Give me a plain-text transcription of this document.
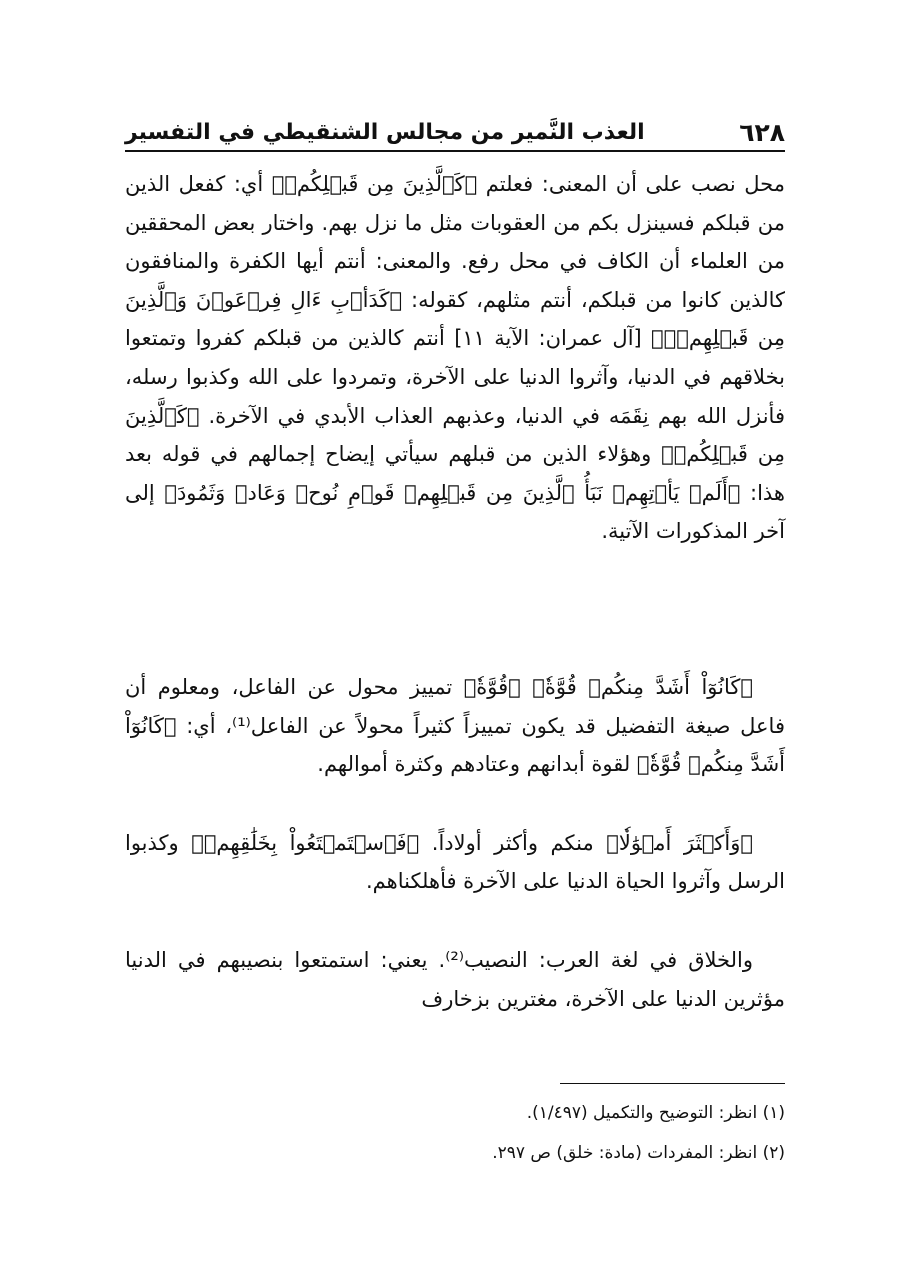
٦٢٨
العذب النَّمير من مجالس الشنقيطي في التفسير

محل نصب على أن المعنى: فعلتم ﴿كَٱلَّذِينَ مِن قَبۡلِكُمۡ﴾ أي: كفعل الذين من قبلكم فسينزل بكم من العقوبات مثل ما نزل بهم. واختار بعض المحققين من العلماء أن الكاف في محل رفع. والمعنى: أنتم أيها الكفرة والمنافقون كالذين كانوا من قبلكم، أنتم مثلهم، كقوله: ﴿كَدَأۡبِ ءَالِ فِرۡعَوۡنَ وَٱلَّذِينَ مِن قَبۡلِهِمۡۚ﴾ [آل عمران: الآية ١١] أنتم كالذين من قبلكم كفروا وتمتعوا بخلاقهم في الدنيا، وآثروا الدنيا على الآخرة، وتمردوا على الله وكذبوا رسله، فأنزل الله بهم نِقَمَه في الدنيا، وعذبهم العذاب الأبدي في الآخرة. ﴿كَٱلَّذِينَ مِن قَبۡلِكُمۡ﴾ وهؤلاء الذين من قبلهم سيأتي إيضاح إجمالهم في قوله بعد هذا: ﴿أَلَمۡ يَأۡتِهِمۡ نَبَأُ ٱلَّذِينَ مِن قَبۡلِهِمۡ قَوۡمِ نُوحٖ وَعَادٖ وَثَمُودَ﴾ إلى آخر المذكورات الآتية.

﴿كَانُوٓاْ أَشَدَّ مِنكُمۡ قُوَّةٗ﴾ ﴿قُوَّةٗ﴾ تمييز محول عن الفاعل، ومعلوم أن فاعل صيغة التفضيل قد يكون تمييزاً كثيراً محولاً عن الفاعل⁽¹⁾، أي: ﴿كَانُوٓاْ أَشَدَّ مِنكُمۡ قُوَّةٗ﴾ لقوة أبدانهم وعتادهم وكثرة أموالهم.

﴿وَأَكۡثَرَ أَمۡوَٰلٗا﴾ منكم وأكثر أولاداً. ﴿فَٱسۡتَمۡتَعُواْ بِخَلَٰقِهِمۡ﴾ وكذبوا الرسل وآثروا الحياة الدنيا على الآخرة فأهلكناهم.

والخلاق في لغة العرب: النصيب⁽²⁾. يعني: استمتعوا بنصيبهم في الدنيا مؤثرين الدنيا على الآخرة، مغترين بزخارف

(١) انظر: التوضيح والتكميل (١/٤٩٧).

(٢) انظر: المفردات (مادة: خلق) ص ٢٩٧.
